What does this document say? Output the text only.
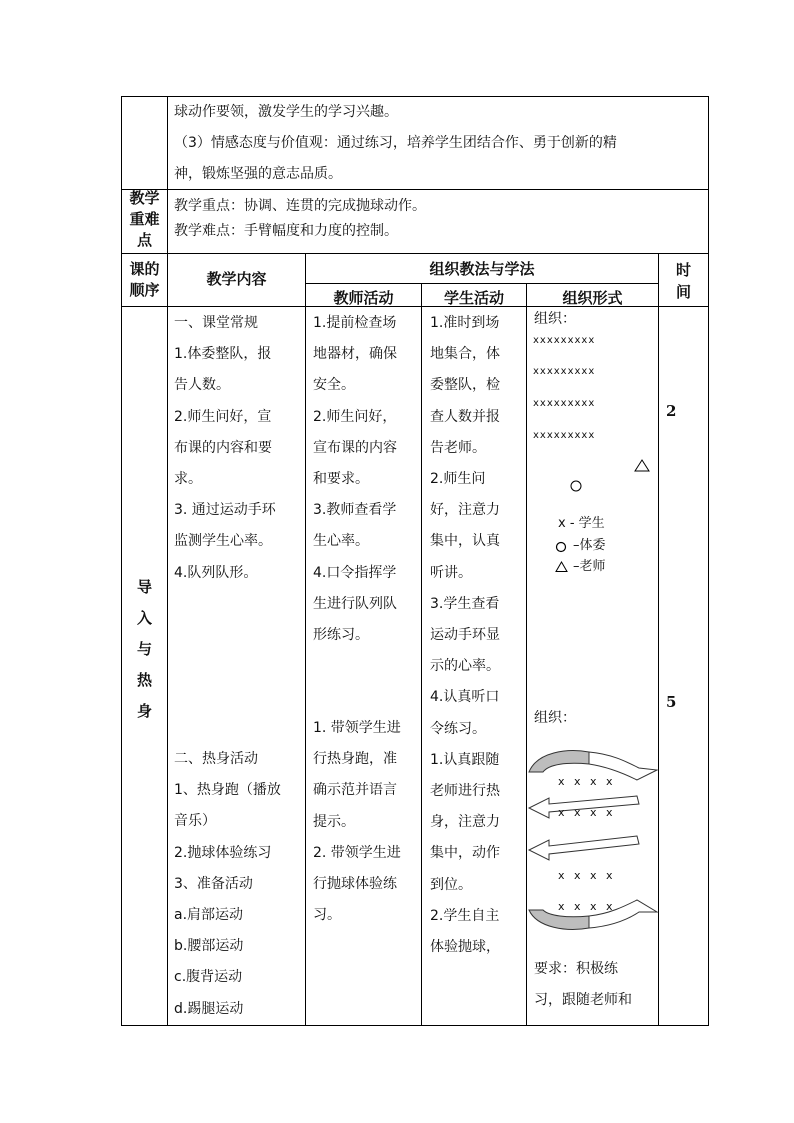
球动作要领，激发学生的学习兴趣。
（3）情感态度与价值观：通过练习，培养学生团结合作、勇于创新的精
神，锻炼坚强的意志品质。
教学
重难
点
教学重点：协调、连贯的完成抛球动作。
教学难点：手臂幅度和力度的控制。
课的
顺序
教学内容
组织教法与学法
教师活动	学生活动	组织形式
时
间
导
入
与
热
身
一、课堂常规
1.体委整队，报
告人数。
2.师生问好，宣
布课的内容和要
求。
3. 通过运动手环
监测学生心率。
4.队列队形。
二、热身活动
1、热身跑（播放
音乐）
2.抛球体验练习
3、准备活动
a.肩部运动
b.腰部运动
c.腹背运动
d.踢腿运动
1.提前检查场
地器材，确保
安全。
2.师生问好，
宣布课的内容
和要求。
3.教师查看学
生心率。
4.口令指挥学
生进行队列队
形练习。
1. 带领学生进
行热身跑，准
确示范并语言
提示。
2. 带领学生进
行抛球体验练
习。
1.准时到场
地集合，体
委整队，检
查人数并报
告老师。
2.师生问
好，注意力
集中，认真
听讲。
3.学生查看
运动手环显
示的心率。
4.认真听口
令练习。
1.认真跟随
老师进行热
身，注意力
集中，动作
到位。
2.学生自主
体验抛球，
组织：
xxxxxxxxx
xxxxxxxxx
xxxxxxxxx
xxxxxxxxx
x - 学生
–体委
–老师
组织：
x x x x
x x x x
x x x x
x x x x
要求：积极练
习，跟随老师和
2
5
